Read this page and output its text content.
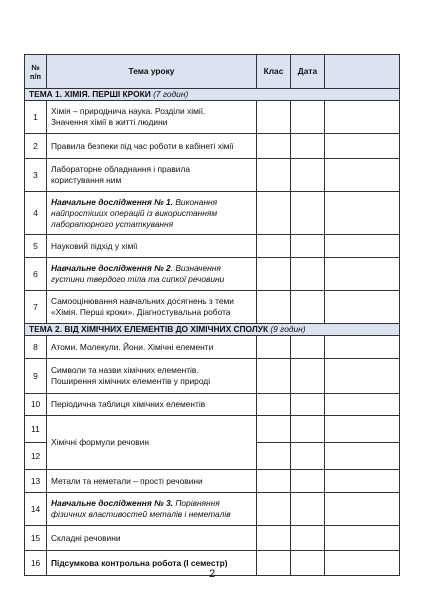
№
п/п	Тема уроку	Клас	Дата	
ТЕМА 1. ХІМІЯ. ПЕРШІ КРОКИ (7 годин)				
1	Хімія – природнича наука. Розділи хімії.
Значення хімії в житті людини			
2	Правила безпеки під час роботи в кабінеті хімії			
3	Лабораторне обладнання і правила
користування ним			
4	Навчальне дослідження № 1. Виконання
найпростіших операцій із використанням
лабораторного устаткування			
5	Науковий підхід у хімії			
6	Навчальне дослідження № 2. Визначення
густини твердого тіла та сипкої речовини			
7	Самооцінювання навчальних досягнень з теми
«Хімія. Перші кроки». Діагностувальна робота			
ТЕМА 2. ВІД ХІМІЧНИХ ЕЛЕМЕНТІВ ДО ХІМІЧНИХ СПОЛУК (9 годин)				
8	Атоми. Молекули. Йони. Хімічні елементи			
9	Символи та назви хімічних елементів.
Поширення хімічних елементів у природі			
10	Періодична таблиця хімічних елементів			
11	Хімічні формули речовин			
12				
13	Метали та неметали – прості речовини			
14	Навчальне дослідження № 3. Порівняння
фізичних властивостей металів і неметалів			
15	Складні речовини			
16	Підсумкова контрольна робота (І семестр)			
2
